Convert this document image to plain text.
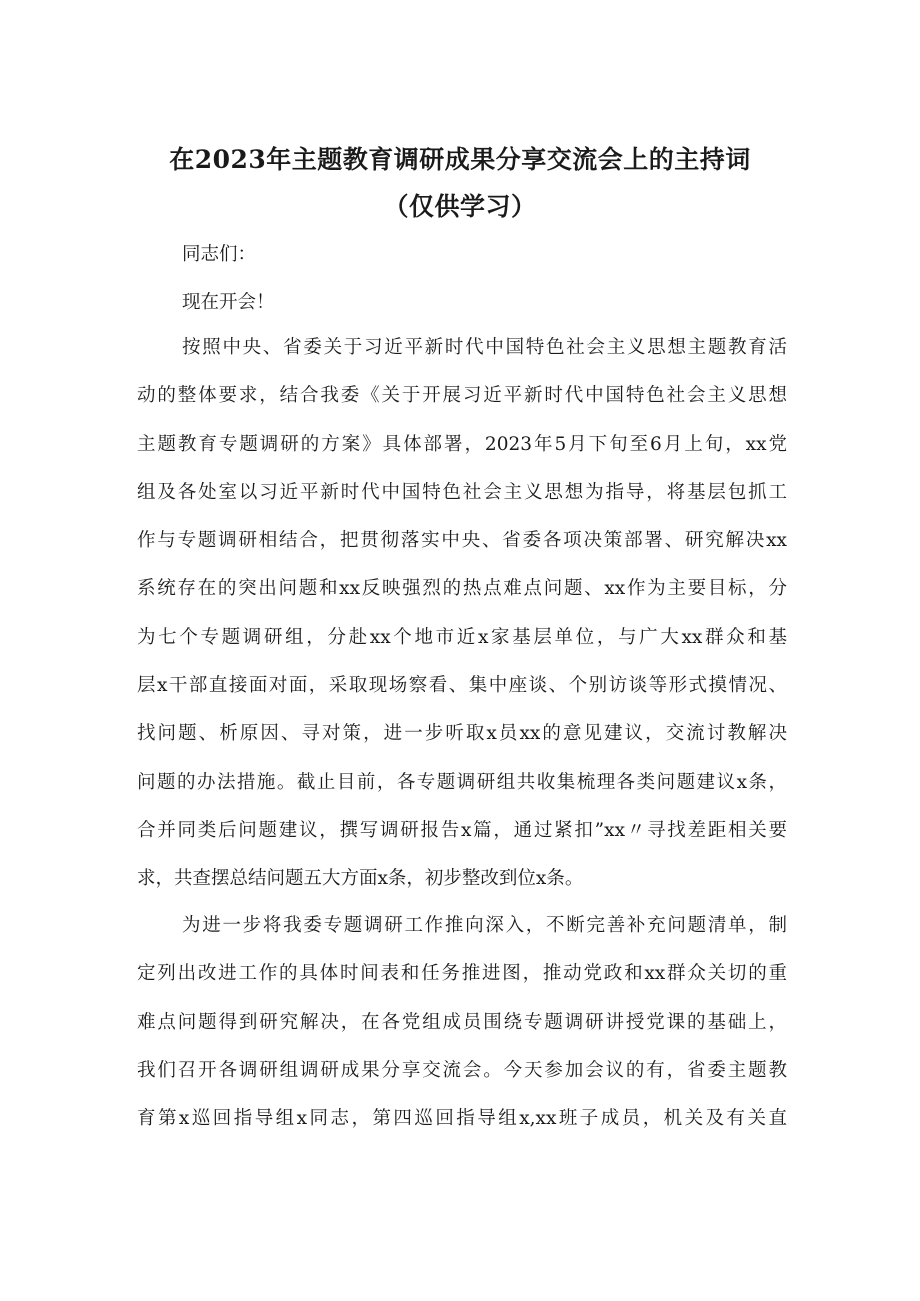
在2023年主题教育调研成果分享交流会上的主持词
（仅供学习）
同志们：
现在开会！
按照中央、省委关于习近平新时代中国特色社会主义思想主题教育活
动的整体要求，结合我委《关于开展习近平新时代中国特色社会主义思想
主题教育专题调研的方案》具体部署，2023年5月下旬至6月上旬，xx党
组及各处室以习近平新时代中国特色社会主义思想为指导，将基层包抓工
作与专题调研相结合，把贯彻落实中央、省委各项决策部署、研究解决xx
系统存在的突出问题和xx反映强烈的热点难点问题、xx作为主要目标，分
为七个专题调研组，分赴xx个地市近x家基层单位，与广大xx群众和基
层x干部直接面对面，采取现场察看、集中座谈、个别访谈等形式摸情况、
找问题、析原因、寻对策，进一步听取x员xx的意见建议，交流讨教解决
问题的办法措施。截止目前，各专题调研组共收集梳理各类问题建议x条，
合并同类后问题建议，撰写调研报告x篇，通过紧扣”xx〃寻找差距相关要
求，共查摆总结问题五大方面x条，初步整改到位x条。
为进一步将我委专题调研工作推向深入，不断完善补充问题清单，制
定列出改进工作的具体时间表和任务推进图，推动党政和xx群众关切的重
难点问题得到研究解决，在各党组成员围绕专题调研讲授党课的基础上，
我们召开各调研组调研成果分享交流会。今天参加会议的有，省委主题教
育第x巡回指导组x同志，第四巡回指导组x,xx班子成员，机关及有关直
